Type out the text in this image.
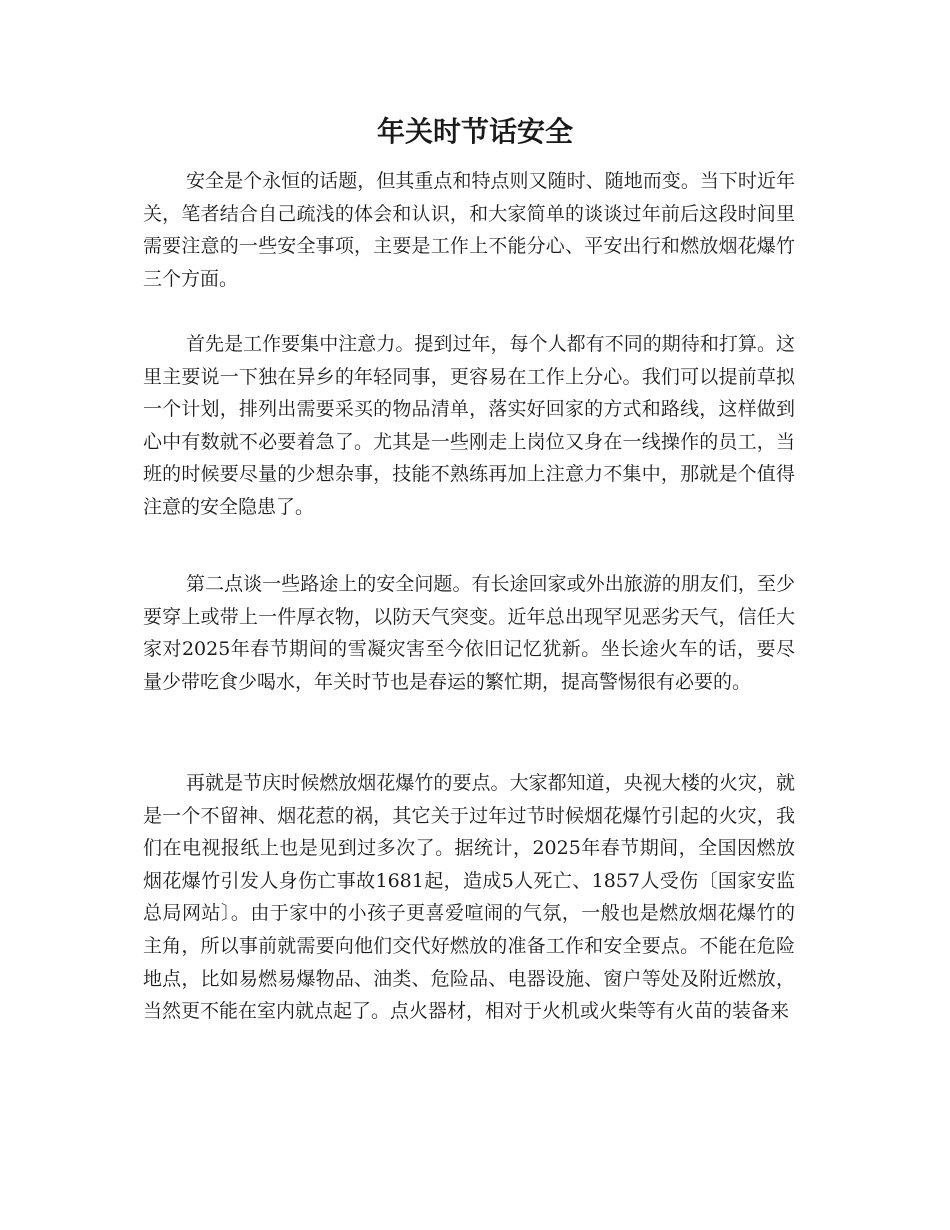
年关时节话安全

安全是个永恒的话题，但其重点和特点则又随时、随地而变。当下时近年关，笔者结合自己疏浅的体会和认识，和大家简单的谈谈过年前后这段时间里需要注意的一些安全事项，主要是工作上不能分心、平安出行和燃放烟花爆竹三个方面。

首先是工作要集中注意力。提到过年，每个人都有不同的期待和打算。这里主要说一下独在异乡的年轻同事，更容易在工作上分心。我们可以提前草拟一个计划，排列出需要采买的物品清单，落实好回家的方式和路线，这样做到心中有数就不必要着急了。尤其是一些刚走上岗位又身在一线操作的员工，当班的时候要尽量的少想杂事，技能不熟练再加上注意力不集中，那就是个值得注意的安全隐患了。

第二点谈一些路途上的安全问题。有长途回家或外出旅游的朋友们，至少要穿上或带上一件厚衣物，以防天气突变。近年总出现罕见恶劣天气，信任大家对2025年春节期间的雪凝灾害至今依旧记忆犹新。坐长途火车的话，要尽量少带吃食少喝水，年关时节也是春运的繁忙期，提高警惕很有必要的。

再就是节庆时候燃放烟花爆竹的要点。大家都知道，央视大楼的火灾，就是一个不留神、烟花惹的祸，其它关于过年过节时候烟花爆竹引起的火灾，我们在电视报纸上也是见到过多次了。据统计，2025年春节期间，全国因燃放烟花爆竹引发人身伤亡事故1681起，造成5人死亡、1857人受伤〔国家安监总局网站〕。由于家中的小孩子更喜爱喧闹的气氛，一般也是燃放烟花爆竹的主角，所以事前就需要向他们交代好燃放的准备工作和安全要点。不能在危险地点，比如易燃易爆物品、油类、危险品、电器设施、窗户等处及附近燃放，当然更不能在室内就点起了。点火器材，相对于火机或火柴等有火苗的装备来
